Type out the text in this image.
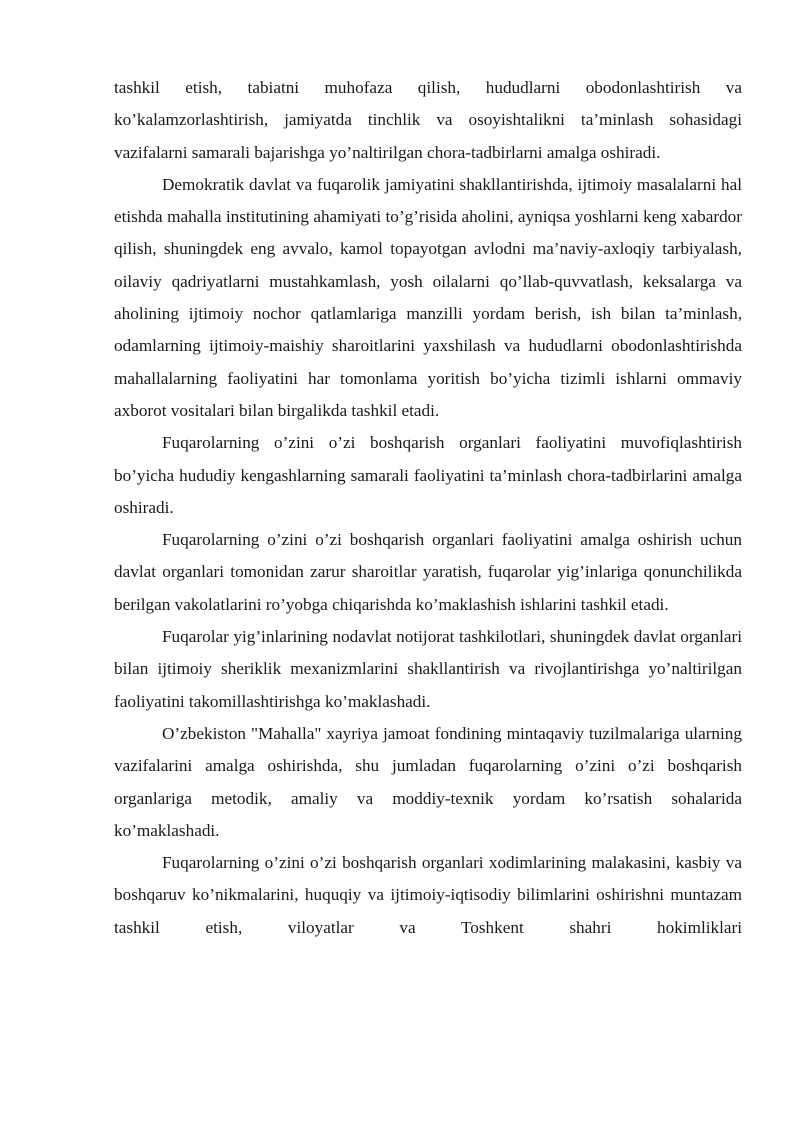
tashkil etish, tabiatni muhofaza qilish, hududlarni obodonlashtirish va ko’kalamzorlashtirish, jamiyatda tinchlik va osoyishtalikni ta’minlash sohasidagi vazifalarni samarali bajarishga yo’naltirilgan chora-tadbirlarni amalga oshiradi.

Demokratik davlat va fuqarolik jamiyatini shakllantirishda, ijtimoiy masalalarni hal etishda mahalla institutining ahamiyati to’g’risida aholini, ayniqsa yoshlarni keng xabardor qilish, shuningdek eng avvalo, kamol topayotgan avlodni ma’naviy-axloqiy tarbiyalash, oilaviy qadriyatlarni mustahkamlash, yosh oilalarni qo’llab-quvvatlash, keksalarga va aholining ijtimoiy nochor qatlamlariga manzilli yordam berish, ish bilan ta’minlash, odamlarning ijtimoiy-maishiy sharoitlarini yaxshilash va hududlarni obodonlashtirishda mahallalarning faoliyatini har tomonlama yoritish bo’yicha tizimli ishlarni ommaviy axborot vositalari bilan birgalikda tashkil etadi.

Fuqarolarning o’zini o’zi boshqarish organlari faoliyatini muvofiqlashtirish bo’yicha hududiy kengashlarning samarali faoliyatini ta’minlash chora-tadbirlarini amalga oshiradi.

Fuqarolarning o’zini o’zi boshqarish organlari faoliyatini amalga oshirish uchun davlat organlari tomonidan zarur sharoitlar yaratish, fuqarolar yig’inlariga qonunchilikda berilgan vakolatlarini ro’yobga chiqarishda ko’maklashish ishlarini tashkil etadi.

Fuqarolar yig’inlarining nodavlat notijorat tashkilotlari, shuningdek davlat organlari bilan ijtimoiy sheriklik mexanizmlarini shakllantirish va rivojlantirishga yo’naltirilgan faoliyatini takomillashtirishga ko’maklashadi.

O’zbekiston "Mahalla" xayriya jamoat fondining mintaqaviy tuzilmalariga ularning vazifalarini amalga oshirishda, shu jumladan fuqarolarning o’zini o’zi boshqarish organlariga metodik, amaliy va moddiy-texnik yordam ko’rsatish sohalarida ko’maklashadi.

Fuqarolarning o’zini o’zi boshqarish organlari xodimlarining malakasini, kasbiy va boshqaruv ko’nikmalarini, huquqiy va ijtimoiy-iqtisodiy bilimlarini oshirishni muntazam tashkil etish, viloyatlar va Toshkent shahri hokimliklari
